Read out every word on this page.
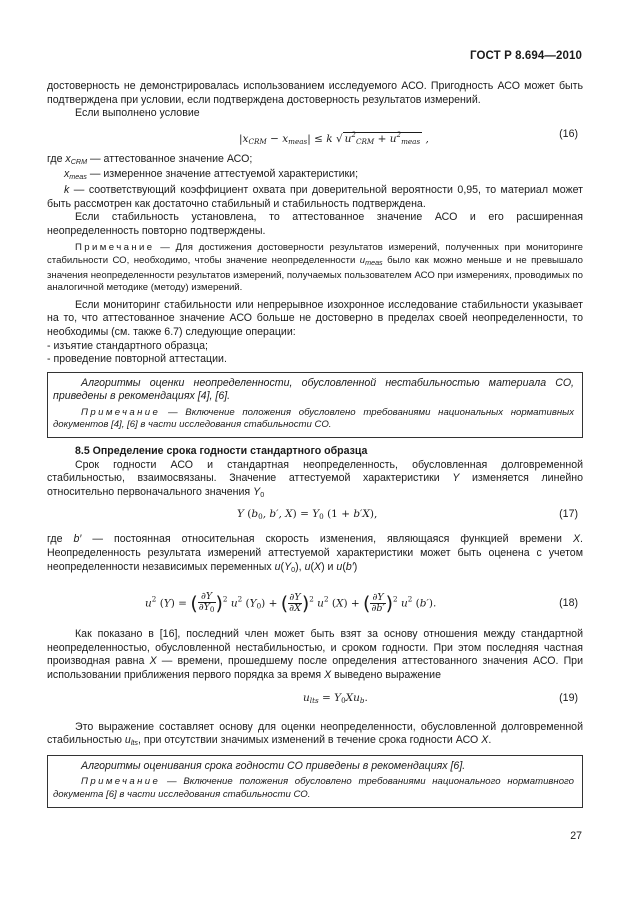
ГОСТ Р 8.694—2010

достоверность не демонстрировалась использованием исследуемого АСО. Пригодность АСО может быть подтверждена при условии, если подтверждена достоверность результатов измерений.

Если выполнено условие

$|x_{CRM} - x_{meas}| \le k$ √ $u^2_{CRM} + u^2_{meas}$ ,	(16)

где $x_{CRM}$ — аттестованное значение АСО;

$x_{meas}$ — измеренное значение аттестуемой характеристики;

k — соответствующий коэффициент охвата при доверительной вероятности 0,95, то материал может быть рассмотрен как достаточно стабильный и стабильность подтверждена.

Если стабильность установлена, то аттестованное значение АСО и его расширенная неопределенность повторно подтверждены.

Примечание — Для достижения достоверности результатов измерений, полученных при мониторинге стабильности СО, необходимо, чтобы значение неопределенности $u_{meas}$ было как можно меньше и не превышало значения неопределенности результатов измерений, получаемых пользователем АСО при измерениях, проводимых по аналогичной методике (методу) измерений.

Если мониторинг стабильности или непрерывное изохронное исследование стабильности указывает на то, что аттестованное значение АСО больше не достоверно в пределах своей неопределенности, то необходимы (см. также 6.7) следующие операции:

- изъятие стандартного образца;

- проведение повторной аттестации.

Алгоритмы оценки неопределенности, обусловленной нестабильностью материала СО, приведены в рекомендациях [4], [6].

Примечание — Включение положения обусловлено требованиями национальных нормативных документов [4], [6] в части исследования стабильности СО.

8.5 Определение срока годности стандартного образца

Срок годности АСО и стандартная неопределенность, обусловленная долговременной стабильностью, взаимосвязаны. Значение аттестуемой характеристики Y изменяется линейно относительно первоначального значения $Y_0$

Y ($b_0$, b′, $X) = Y_0$ (1 + b′X),	(17)

где b′ — постоянная относительная скорость изменения, являющаяся функцией времени X. Неопределенность результата измерений аттестуемой характеристики может быть оценена с учетом неопределенности независимых переменных $u(Y_0)$, u(X) и u(b′)

$u^2$ (Y) = ( $\frac{\partial Y}{\partial Y_0} )^2$ $u^2$ $(Y_0)$ + ( $\frac{\partial Y}{\partial X} )^2$ $u^2$ (X) + ( $\frac{\partial Y}{\partial b'} )^2$ $u^2$ (b′).	(18)

Как показано в [16], последний член может быть взят за основу отношения между стандартной неопределенностью, обусловленной нестабильностью, и сроком годности. При этом последняя частная производная равна X — времени, прошедшему после определения аттестованного значения АСО. При использовании приближения первого порядка за время X выведено выражение

$u_{lts} = Y_0Xu_b$.	(19)

Это выражение составляет основу для оценки неопределенности, обусловленной долговременной стабильностью $u_{lts}$, при отсутствии значимых изменений в течение срока годности АСО X.

Алгоритмы оценивания срока годности СО приведены в рекомендациях [6].

Примечание — Включение положения обусловлено требованиями национального нормативного документа [6] в части исследования стабильности СО.

27
